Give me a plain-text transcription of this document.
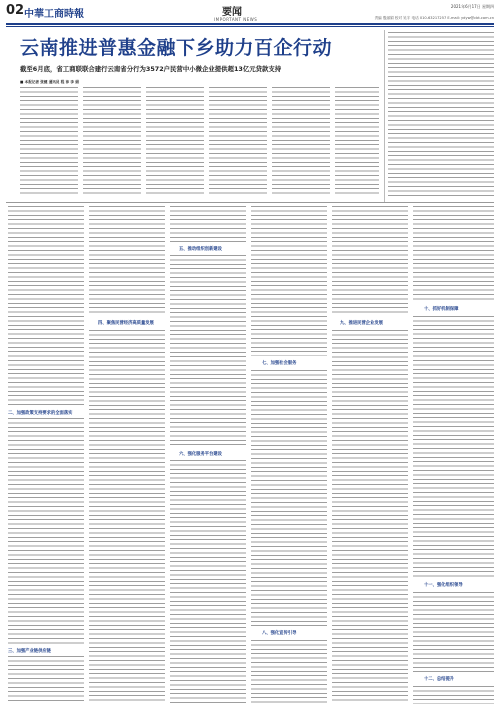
02 中華工商時報	要闻
IMPORTANT NEWS
2021年6月17日 星期四
责编 殷丽娟 校对 吴宇 电话 010-63217257 E-mail: ydyw@cbt.com.cn
云南推进普惠金融下乡助力百企行动
截至6月底，省工商联联合建行云南省分行为3572户民营中小微企业提供超13亿元贷款支持
■ 本报记者 张健 通讯员 程 沛 李 娟
二、加强政策支持要求的全面落实
三、加强产业链供应链
四、聚焦民营经济高质量发展
五、推动组织创新建设
六、强化服务平台建设
七、加强社会服务
八、强化宣传引导
九、推进民营企业发展
十、抓好机制保障
十一、强化组织领导
十二、总结提升
